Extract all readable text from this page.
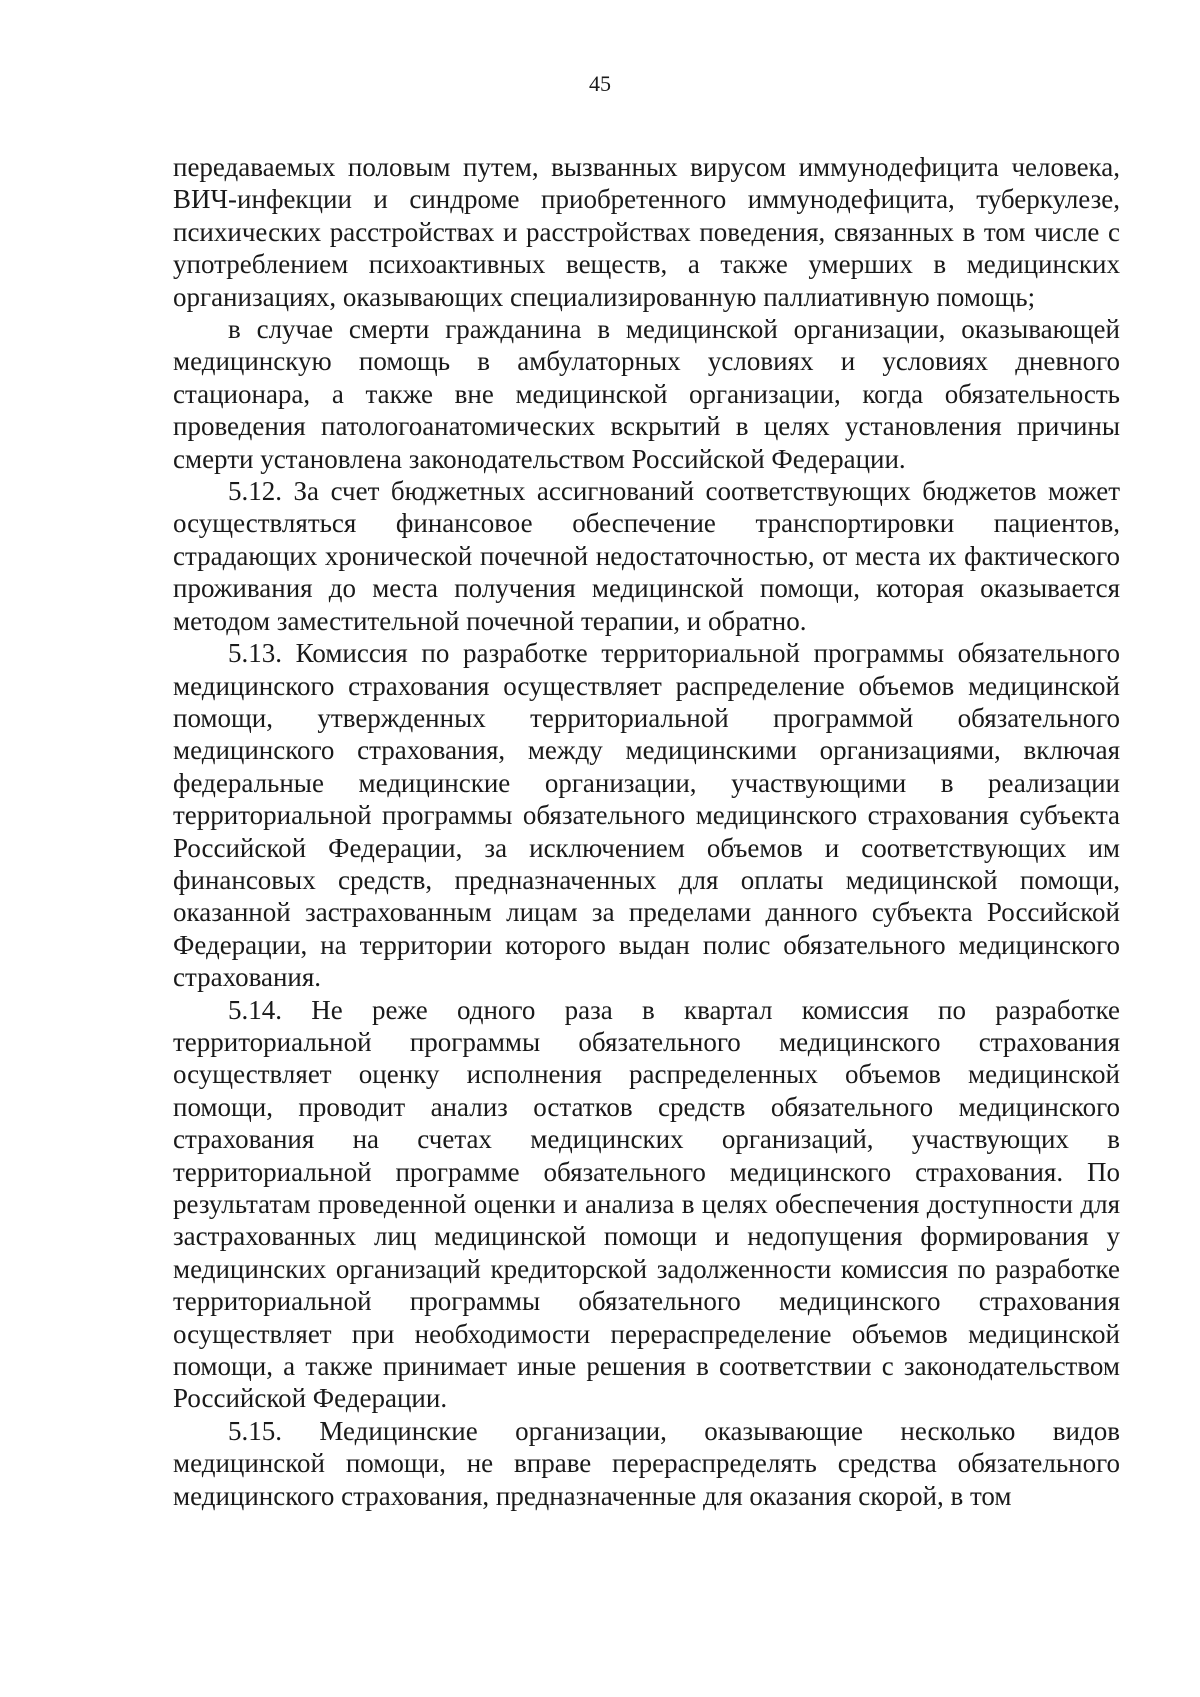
45

передаваемых половым путем, вызванных вирусом иммунодефицита человека, ВИЧ-инфекции и синдроме приобретенного иммунодефицита, туберкулезе, психических расстройствах и расстройствах поведения, связанных в том числе с употреблением психоактивных веществ, а также умерших в медицинских организациях, оказывающих специализированную паллиативную помощь;

в случае смерти гражданина в медицинской организации, оказывающей медицинскую помощь в амбулаторных условиях и условиях дневного стационара, а также вне медицинской организации, когда обязательность проведения патологоанатомических вскрытий в целях установления причины смерти установлена законодательством Российской Федерации.

5.12. За счет бюджетных ассигнований соответствующих бюджетов может осуществляться финансовое обеспечение транспортировки пациентов, страдающих хронической почечной недостаточностью, от места их фактического проживания до места получения медицинской помощи, которая оказывается методом заместительной почечной терапии, и обратно.

5.13. Комиссия по разработке территориальной программы обязательного медицинского страхования осуществляет распределение объемов медицинской помощи, утвержденных территориальной программой обязательного медицинского страхования, между медицинскими организациями, включая федеральные медицинские организации, участвующими в реализации территориальной программы обязательного медицинского страхования субъекта Российской Федерации, за исключением объемов и соответствующих им финансовых средств, предназначенных для оплаты медицинской помощи, оказанной застрахованным лицам за пределами данного субъекта Российской Федерации, на территории которого выдан полис обязательного медицинского страхования.

5.14. Не реже одного раза в квартал комиссия по разработке территориальной программы обязательного медицинского страхования осуществляет оценку исполнения распределенных объемов медицинской помощи, проводит анализ остатков средств обязательного медицинского страхования на счетах медицинских организаций, участвующих в территориальной программе обязательного медицинского страхования. По результатам проведенной оценки и анализа в целях обеспечения доступности для застрахованных лиц медицинской помощи и недопущения формирования у медицинских организаций кредиторской задолженности комиссия по разработке территориальной программы обязательного медицинского страхования осуществляет при необходимости перераспределение объемов медицинской помощи, а также принимает иные решения в соответствии с законодательством Российской Федерации.

5.15. Медицинские организации, оказывающие несколько видов медицинской помощи, не вправе перераспределять средства обязательного медицинского страхования, предназначенные для оказания скорой, в том
